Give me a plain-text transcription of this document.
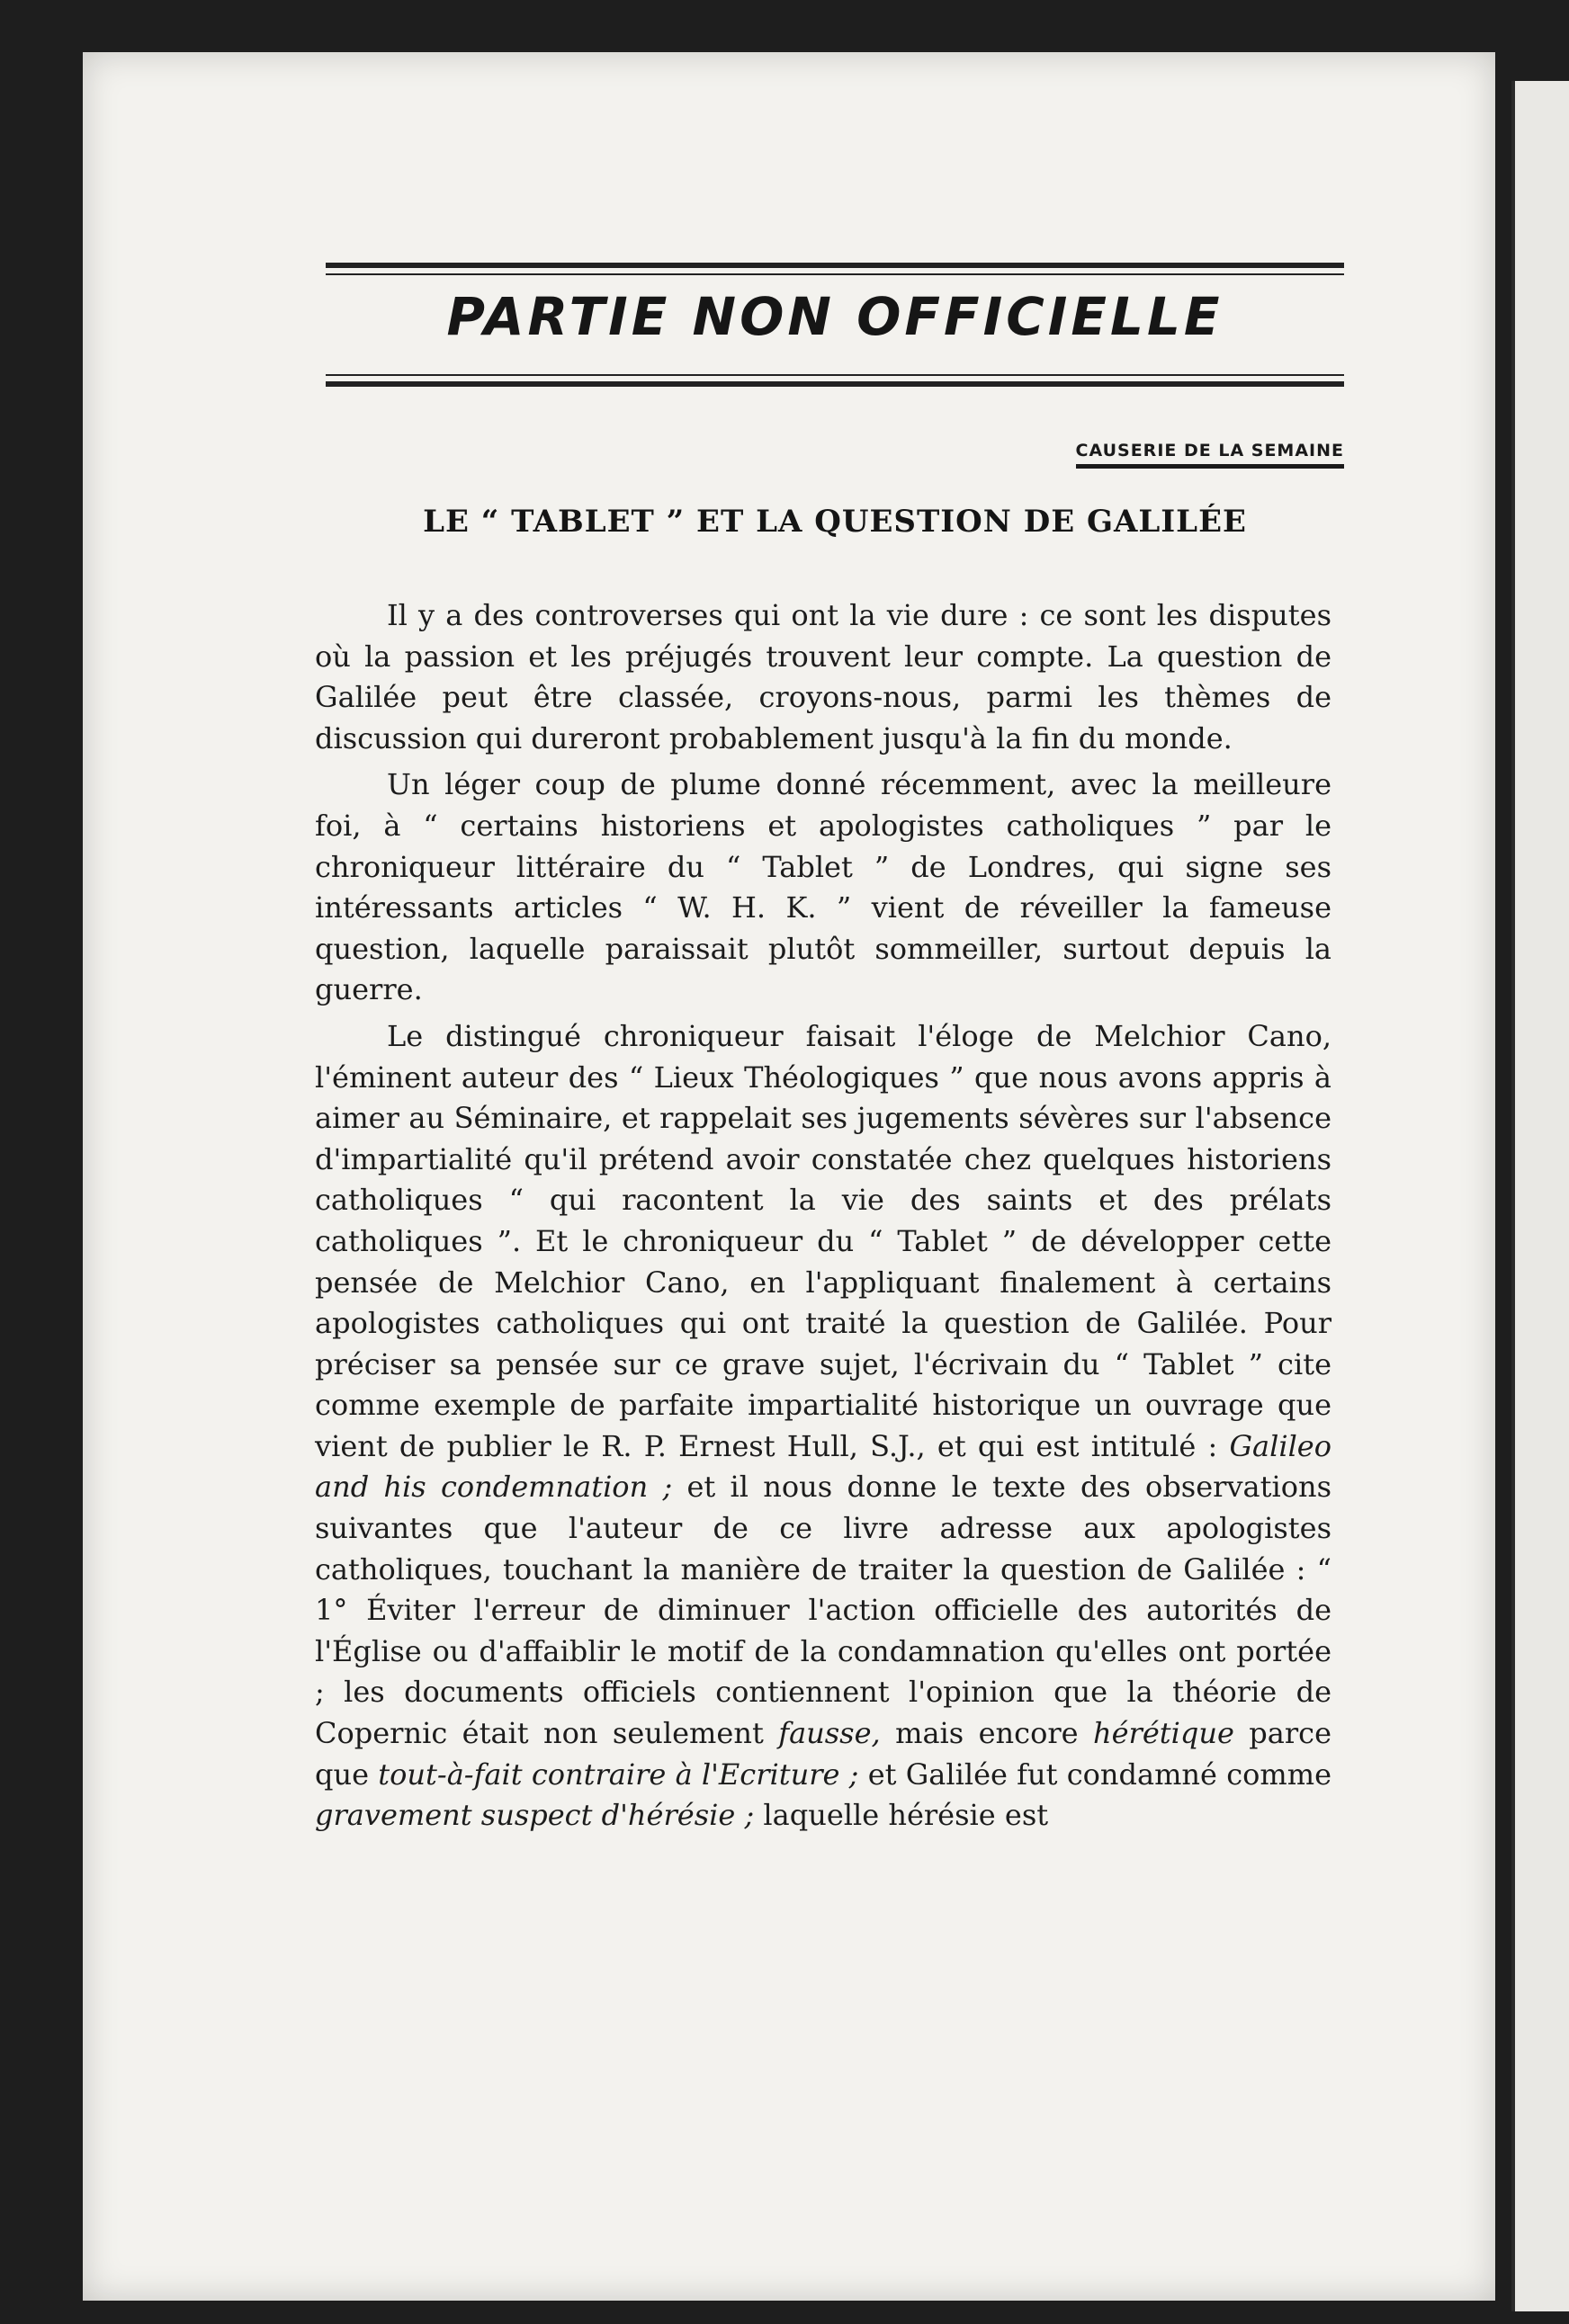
PARTIE NON OFFICIELLE
CAUSERIE DE LA SEMAINE
LE “ TABLET ” ET LA QUESTION DE GALILÉE

Il y a des controverses qui ont la vie dure : ce sont les disputes où la passion et les préjugés trouvent leur compte. La question de Galilée peut être classée, croyons-nous, parmi les thèmes de discussion qui dureront probablement jusqu'à la fin du monde.

Un léger coup de plume donné récemment, avec la meilleure foi, à “ certains historiens et apologistes catholiques ” par le chroniqueur littéraire du “ Tablet ” de Londres, qui signe ses intéressants articles “ W. H. K. ” vient de réveiller la fameuse question, laquelle paraissait plutôt sommeiller, surtout depuis la guerre.

Le distingué chroniqueur faisait l'éloge de Melchior Cano, l'éminent auteur des “ Lieux Théologiques ” que nous avons appris à aimer au Séminaire, et rappelait ses jugements sévères sur l'absence d'impartialité qu'il prétend avoir constatée chez quelques historiens catholiques “ qui racontent la vie des saints et des prélats catholiques ”. Et le chroniqueur du “ Tablet ” de développer cette pensée de Melchior Cano, en l'appliquant finalement à certains apologistes catholiques qui ont traité la question de Galilée. Pour préciser sa pensée sur ce grave sujet, l'écrivain du “ Tablet ” cite comme exemple de parfaite impartialité historique un ouvrage que vient de publier le R. P. Ernest Hull, S.J., et qui est intitulé : Galileo and his condemnation ; et il nous donne le texte des observations suivantes que l'auteur de ce livre adresse aux apologistes catholiques, touchant la manière de traiter la question de Galilée : “ 1° Éviter l'erreur de diminuer l'action officielle des autorités de l'Église ou d'affaiblir le motif de la condamnation qu'elles ont portée ; les documents officiels contiennent l'opinion que la théorie de Copernic était non seulement fausse, mais encore hérétique parce que tout-à-fait contraire à l'Ecriture ; et Galilée fut condamné comme gravement suspect d'hérésie ; laquelle hérésie est
